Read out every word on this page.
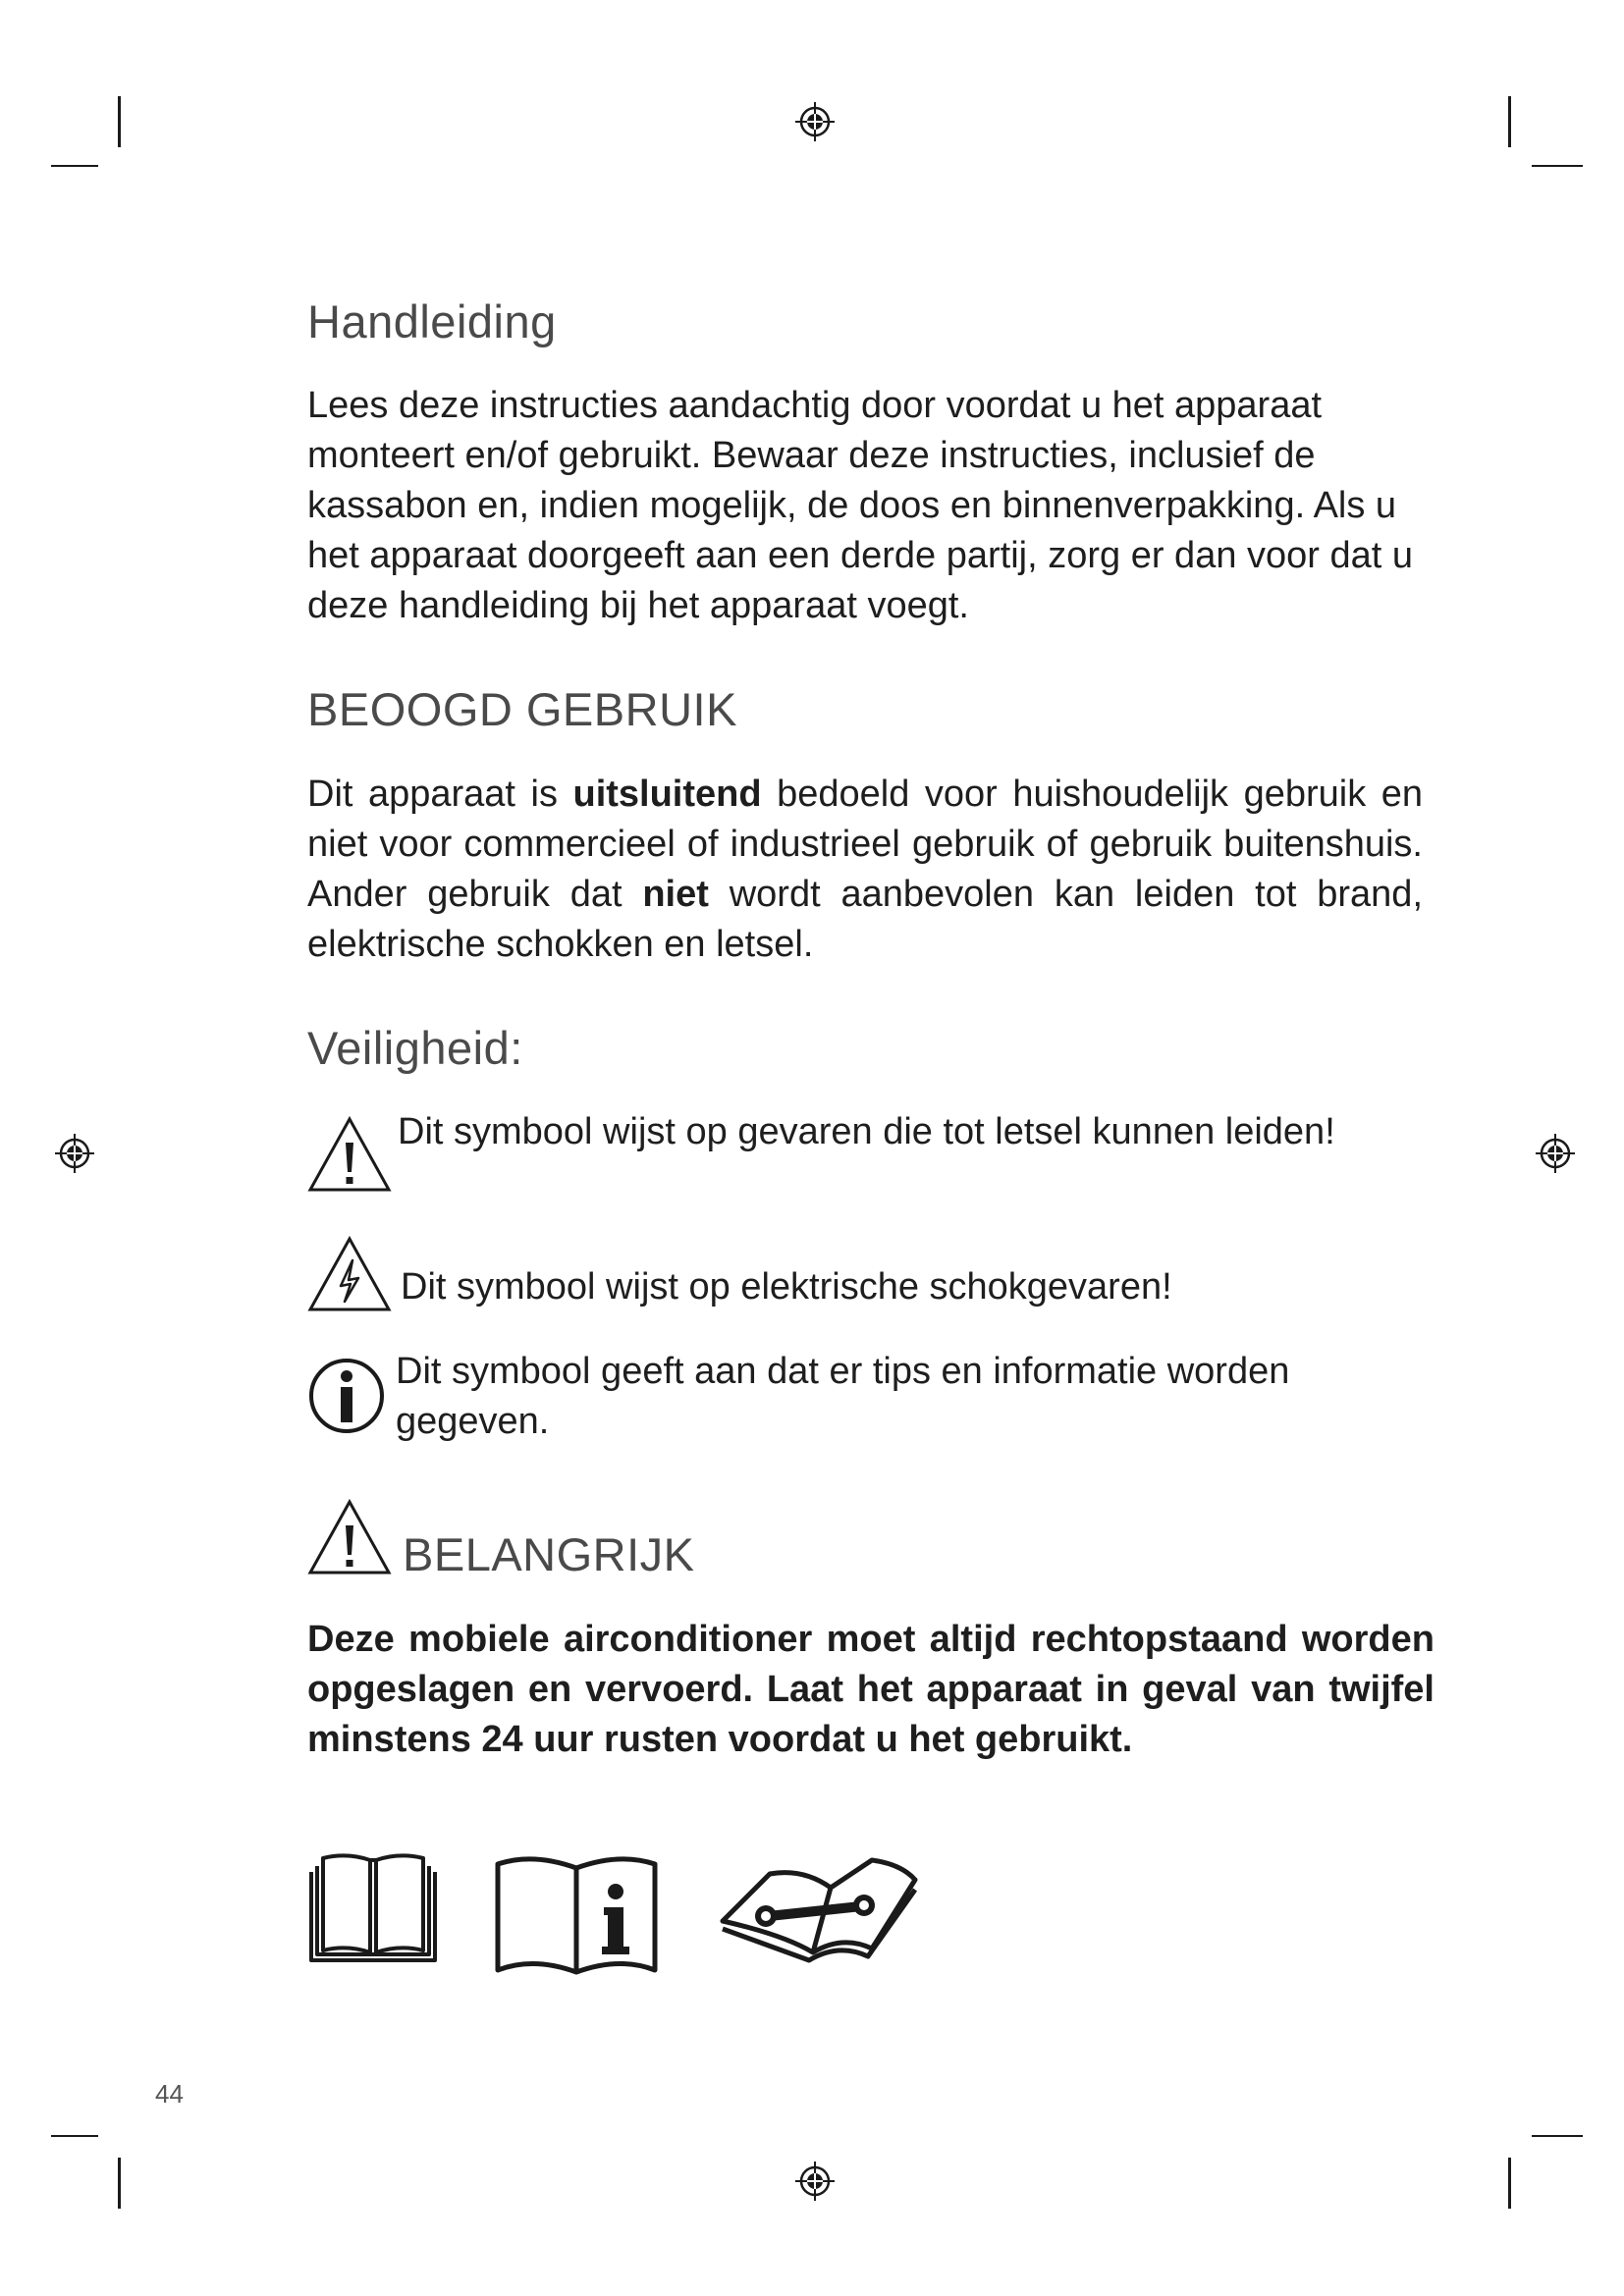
Handleiding

Lees deze instructies aandachtig door voordat u het apparaat monteert en/of gebruikt. Bewaar deze instructies, inclusief de kassabon en, indien mogelijk, de doos en binnenverpakking. Als u het apparaat doorgeeft aan een derde partij, zorg er dan voor dat u deze handleiding bij het apparaat voegt.

BEOOGD GEBRUIK

Dit apparaat is uitsluitend bedoeld voor huishoudelijk gebruik en niet voor commercieel of industrieel gebruik of gebruik buitenshuis. Ander gebruik dat niet wordt aanbevolen kan leiden tot brand, elektrische schokken en letsel.

Veiligheid:
Dit symbool wijst op gevaren die tot letsel kunnen leiden!
Dit symbool wijst op elektrische schokgevaren!
Dit symbool geeft aan dat er tips en informatie worden gegeven.
BELANGRIJK

Deze mobiele airconditioner moet altijd rechtopstaand worden opgeslagen en vervoerd. Laat het apparaat in geval van twijfel minstens 24 uur rusten voordat u het gebruikt.

44
